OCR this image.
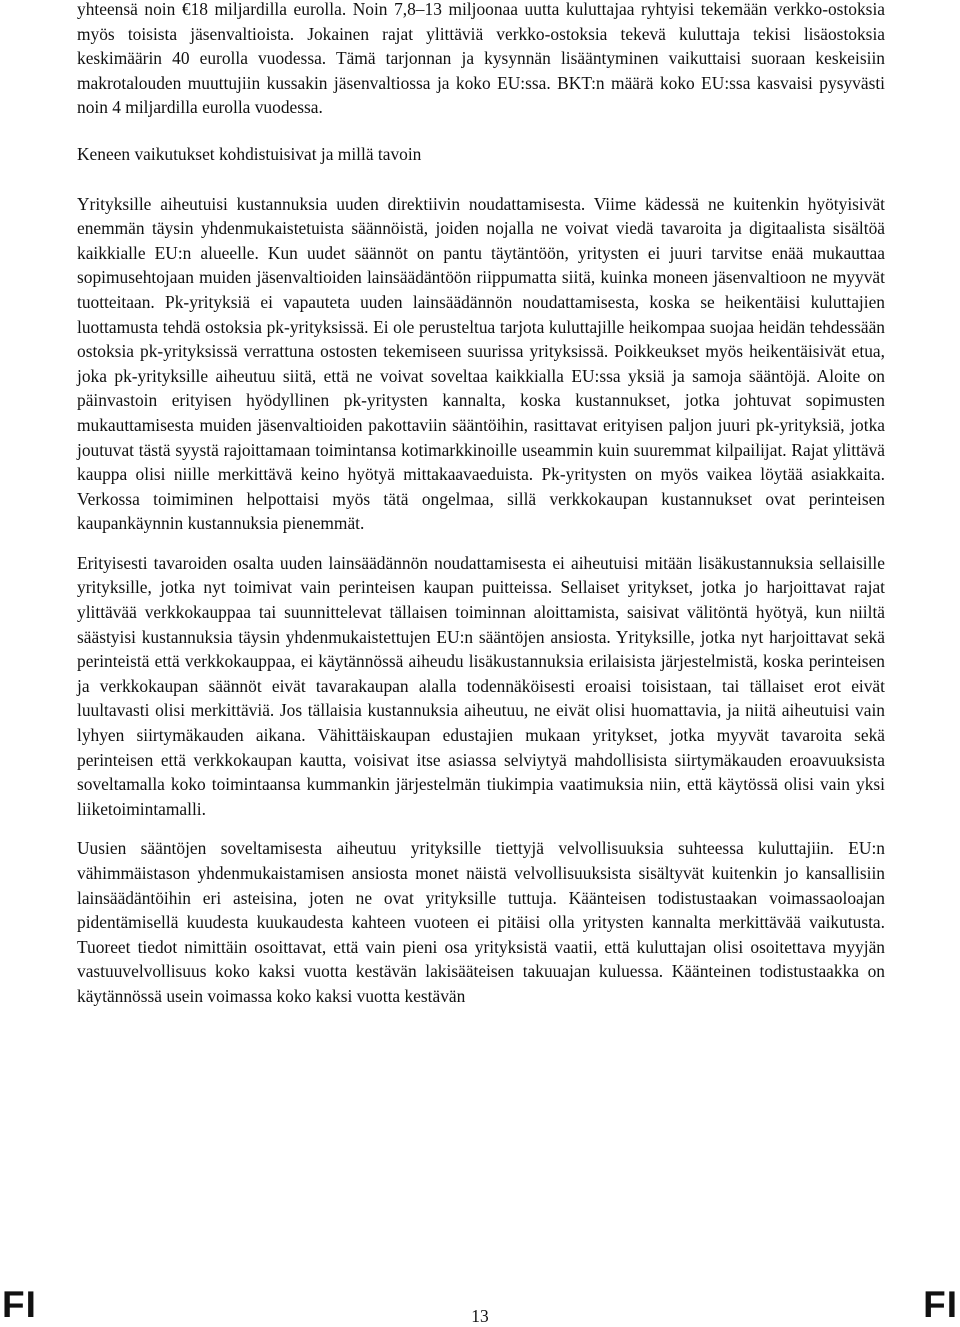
yhteensä noin €18 miljardilla eurolla. Noin 7,8–13 miljoonaa uutta kuluttajaa ryhtyisi tekemään verkko-ostoksia myös toisista jäsenvaltioista. Jokainen rajat ylittäviä verkko-ostoksia tekevä kuluttaja tekisi lisäostoksia keskimäärin 40 eurolla vuodessa. Tämä tarjonnan ja kysynnän lisääntyminen vaikuttaisi suoraan keskeisiin makrotalouden muuttujiin kussakin jäsenvaltiossa ja koko EU:ssa. BKT:n määrä koko EU:ssa kasvaisi pysyvästi noin 4 miljardilla eurolla vuodessa.

Keneen vaikutukset kohdistuisivat ja millä tavoin

Yrityksille aiheutuisi kustannuksia uuden direktiivin noudattamisesta. Viime kädessä ne kuitenkin hyötyisivät enemmän täysin yhdenmukaistetuista säännöistä, joiden nojalla ne voivat viedä tavaroita ja digitaalista sisältöä kaikkialle EU:n alueelle. Kun uudet säännöt on pantu täytäntöön, yritysten ei juuri tarvitse enää mukauttaa sopimusehtojaan muiden jäsenvaltioiden lainsäädäntöön riippumatta siitä, kuinka moneen jäsenvaltioon ne myyvät tuotteitaan. Pk-yrityksiä ei vapauteta uuden lainsäädännön noudattamisesta, koska se heikentäisi kuluttajien luottamusta tehdä ostoksia pk-yrityksissä. Ei ole perusteltua tarjota kuluttajille heikompaa suojaa heidän tehdessään ostoksia pk-yrityksissä verrattuna ostosten tekemiseen suurissa yrityksissä. Poikkeukset myös heikentäisivät etua, joka pk-yrityksille aiheutuu siitä, että ne voivat soveltaa kaikkialla EU:ssa yksiä ja samoja sääntöjä. Aloite on päinvastoin erityisen hyödyllinen pk-yritysten kannalta, koska kustannukset, jotka johtuvat sopimusten mukauttamisesta muiden jäsenvaltioiden pakottaviin sääntöihin, rasittavat erityisen paljon juuri pk-yrityksiä, jotka joutuvat tästä syystä rajoittamaan toimintansa kotimarkkinoille useammin kuin suuremmat kilpailijat. Rajat ylittävä kauppa olisi niille merkittävä keino hyötyä mittakaavaeduista. Pk-yritysten on myös vaikea löytää asiakkaita. Verkossa toimiminen helpottaisi myös tätä ongelmaa, sillä verkkokaupan kustannukset ovat perinteisen kaupankäynnin kustannuksia pienemmät.

Erityisesti tavaroiden osalta uuden lainsäädännön noudattamisesta ei aiheutuisi mitään lisäkustannuksia sellaisille yrityksille, jotka nyt toimivat vain perinteisen kaupan puitteissa. Sellaiset yritykset, jotka jo harjoittavat rajat ylittävää verkkokauppaa tai suunnittelevat tällaisen toiminnan aloittamista, saisivat välitöntä hyötyä, kun niiltä säästyisi kustannuksia täysin yhdenmukaistettujen EU:n sääntöjen ansiosta. Yrityksille, jotka nyt harjoittavat sekä perinteistä että verkkokauppaa, ei käytännössä aiheudu lisäkustannuksia erilaisista järjestelmistä, koska perinteisen ja verkkokaupan säännöt eivät tavarakaupan alalla todennäköisesti eroaisi toisistaan, tai tällaiset erot eivät luultavasti olisi merkittäviä. Jos tällaisia kustannuksia aiheutuu, ne eivät olisi huomattavia, ja niitä aiheutuisi vain lyhyen siirtymäkauden aikana. Vähittäiskaupan edustajien mukaan yritykset, jotka myyvät tavaroita sekä perinteisen että verkkokaupan kautta, voisivat itse asiassa selviytyä mahdollisista siirtymäkauden eroavuuksista soveltamalla koko toimintaansa kummankin järjestelmän tiukimpia vaatimuksia niin, että käytössä olisi vain yksi liiketoimintamalli.

Uusien sääntöjen soveltamisesta aiheutuu yrityksille tiettyjä velvollisuuksia suhteessa kuluttajiin. EU:n vähimmäistason yhdenmukaistamisen ansiosta monet näistä velvollisuuksista sisältyvät kuitenkin jo kansallisiin lainsäädäntöihin eri asteisina, joten ne ovat yrityksille tuttuja. Käänteisen todistustaakan voimassaoloajan pidentämisellä kuudesta kuukaudesta kahteen vuoteen ei pitäisi olla yritysten kannalta merkittävää vaikutusta. Tuoreet tiedot nimittäin osoittavat, että vain pieni osa yrityksistä vaatii, että kuluttajan olisi osoitettava myyjän vastuuvelvollisuus koko kaksi vuotta kestävän lakisääteisen takuuajan kuluessa. Käänteinen todistustaakka on käytännössä usein voimassa koko kaksi vuotta kestävän

FI	13	FI
